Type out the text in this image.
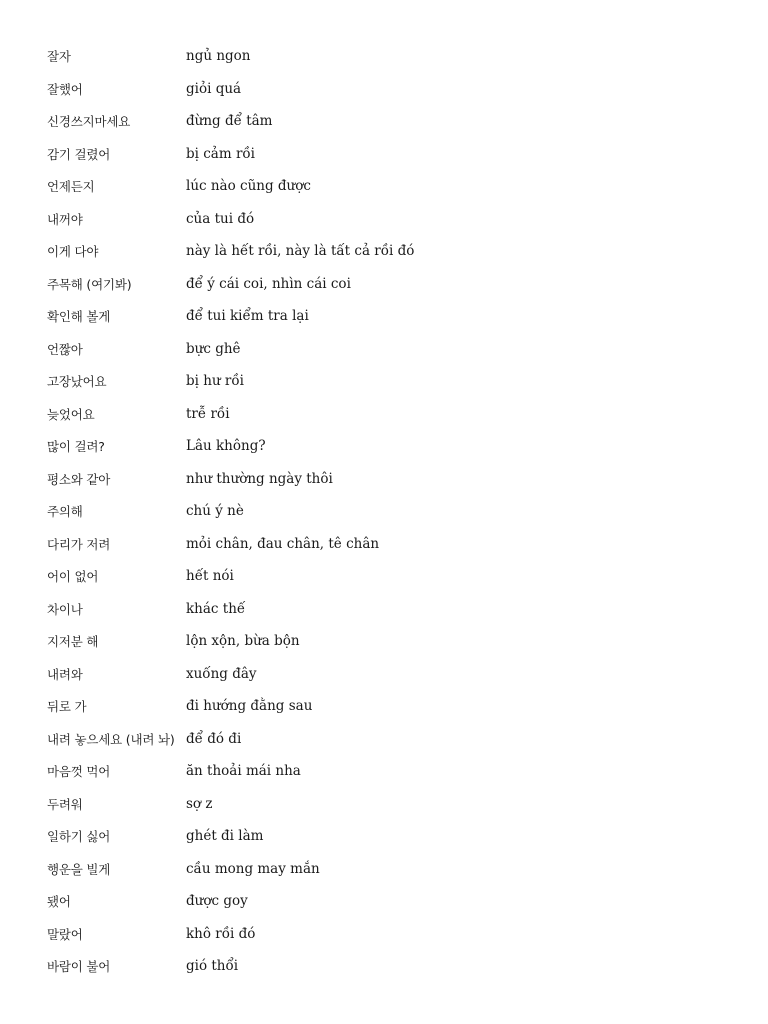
잘자	ngủ ngon
잘했어	giỏi quá
신경쓰지마세요	đừng để tâm
감기 걸렸어	bị cảm rồi
언제든지	lúc nào cũng được
내꺼야	của tui đó
이게 다야	này là hết rồi, này là tất cả rồi đó
주목해 (여기봐)	để ý cái coi, nhìn cái coi
확인해 볼게	để tui kiểm tra lại
언짢아	bực ghê
고장났어요	bị hư rồi
늦었어요	trễ rồi
많이 걸려?	Lâu không?
평소와 같아	như thường ngày thôi
주의해	chú ý nè
다리가 저려	mỏi chân, đau chân, tê chân
어이 없어	hết nói
차이나	khác thế
지저분 해	lộn xộn, bừa bộn
내려와	xuống đây
뒤로 가	đi hướng đằng sau
내려 놓으세요 (내려 놔) để đó đi
마음껏 먹어	ăn thoải mái nha
두려워	sợ z
일하기 싫어	ghét đi làm
행운을 빌게	cầu mong may mắn
됐어	được goy
말랐어	khô rồi đó
바람이 불어	gió thổi
